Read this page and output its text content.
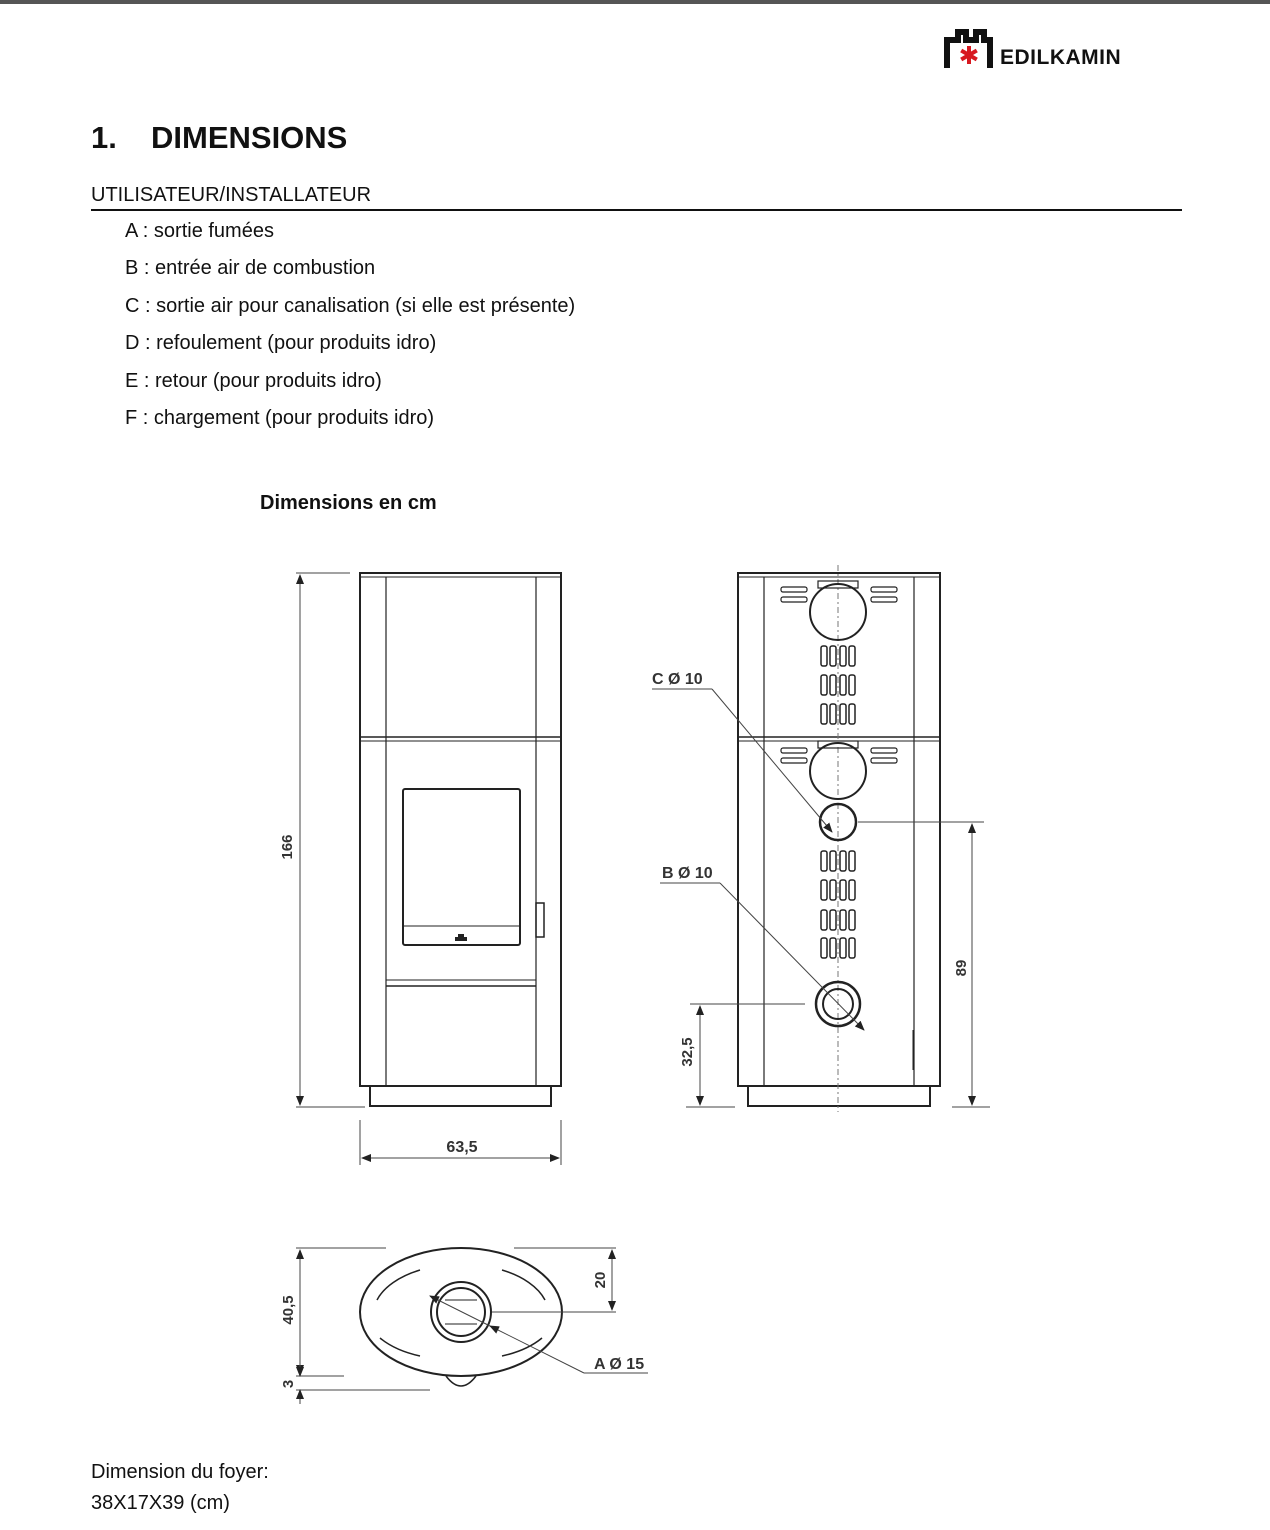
EDILKAMIN
1. DIMENSIONS
UTILISATEUR/INSTALLATEUR
A : sortie fumées
B : entrée air de combustion
C : sortie air pour canalisation (si elle est présente)
D : refoulement (pour produits idro)
E : retour (pour produits idro)
F : chargement (pour produits idro)
Dimensions en cm
166
63,5
C Ø 10
B Ø 10
89
32,5
40,5
20
3
A Ø 15
Dimension du foyer:
38X17X39 (cm)
